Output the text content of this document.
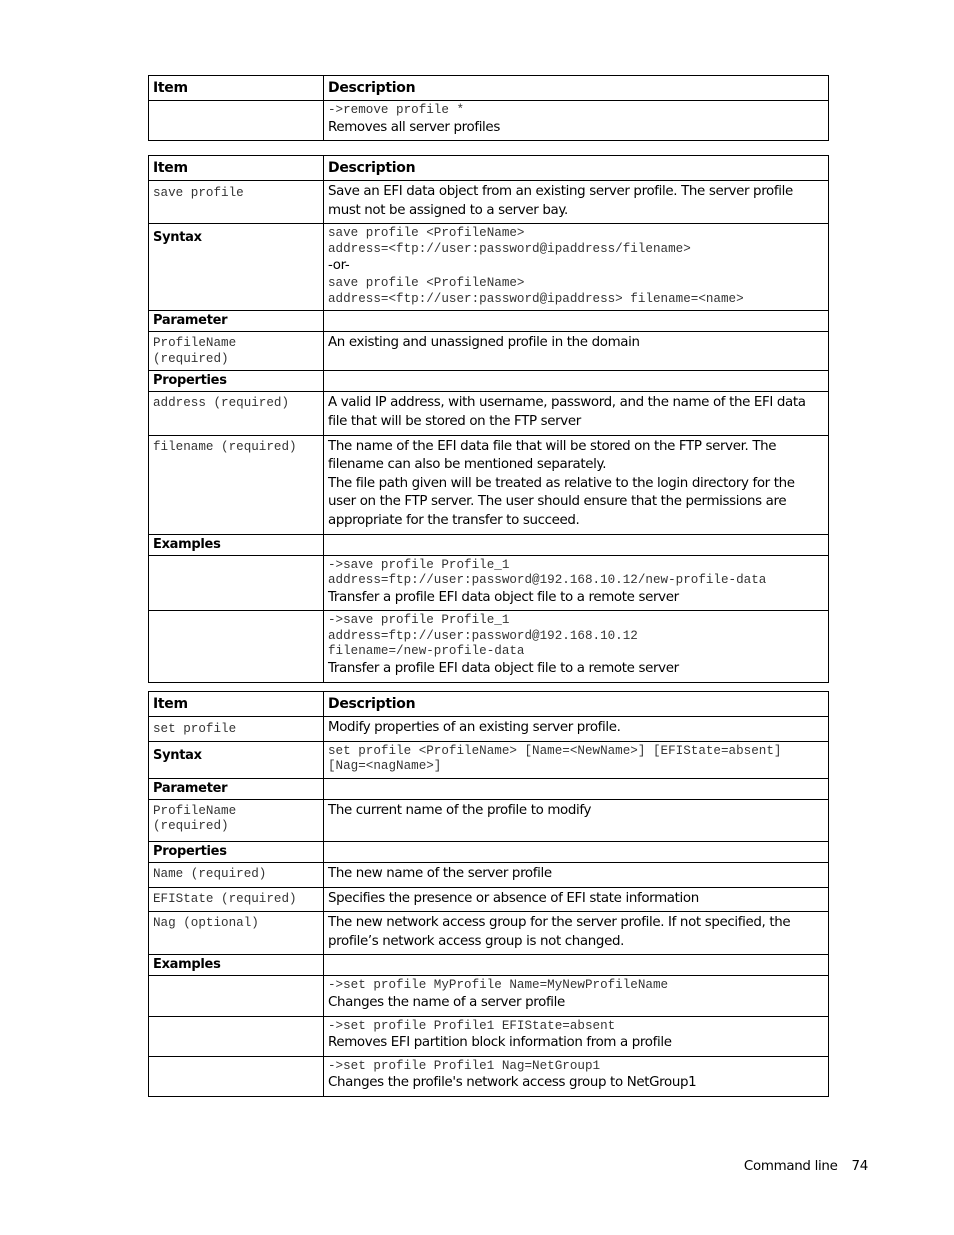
Item	Description

	->remove profile *
Removes all server profiles
Item	Description
save profile	Save an EFI data object from an existing server profile. The server profile must not be assigned to a server bay.
Syntax	save profile <ProfileName>
address=<ftp://user:password@ipaddress/filename>
-or-
save profile <ProfileName>
address=<ftp://user:password@ipaddress> filename=<name>

Parameter	
ProfileName
(required)	An existing and unassigned profile in the domain
Properties	
address (required)	A valid IP address, with username, password, and the name of the EFI data file that will be stored on the FTP server
filename (required)	The name of the EFI data file that will be stored on the FTP server. The filename can also be mentioned separately.
The file path given will be treated as relative to the login directory for the user on the FTP server. The user should ensure that the permissions are appropriate for the transfer to succeed.

Examples	

	->save profile Profile_1
address=ftp://user:password@192.168.10.12/new-profile-data
Transfer a profile EFI data object file to a remote server

	->save profile Profile_1
address=ftp://user:password@192.168.10.12
filename=/new-profile-data
Transfer a profile EFI data object file to a remote server
Item	Description
set profile	Modify properties of an existing server profile.
Syntax	set profile <ProfileName> [Name=<NewName>] [EFIState=absent]
[Nag=<nagName>]

Parameter	
ProfileName
(required)	The current name of the profile to modify
Properties	
Name (required)	The new name of the server profile
EFIState (required)	Specifies the presence or absence of EFI state information
Nag (optional)	The new network access group for the server profile. If not specified, the profile’s network access group is not changed.
Examples	

	->set profile MyProfile Name=MyNewProfileName
Changes the name of a server profile

	->set profile Profile1 EFIState=absent
Removes EFI partition block information from a profile

	->set profile Profile1 Nag=NetGroup1
Changes the profile's network access group to NetGroup1
Command line 74
